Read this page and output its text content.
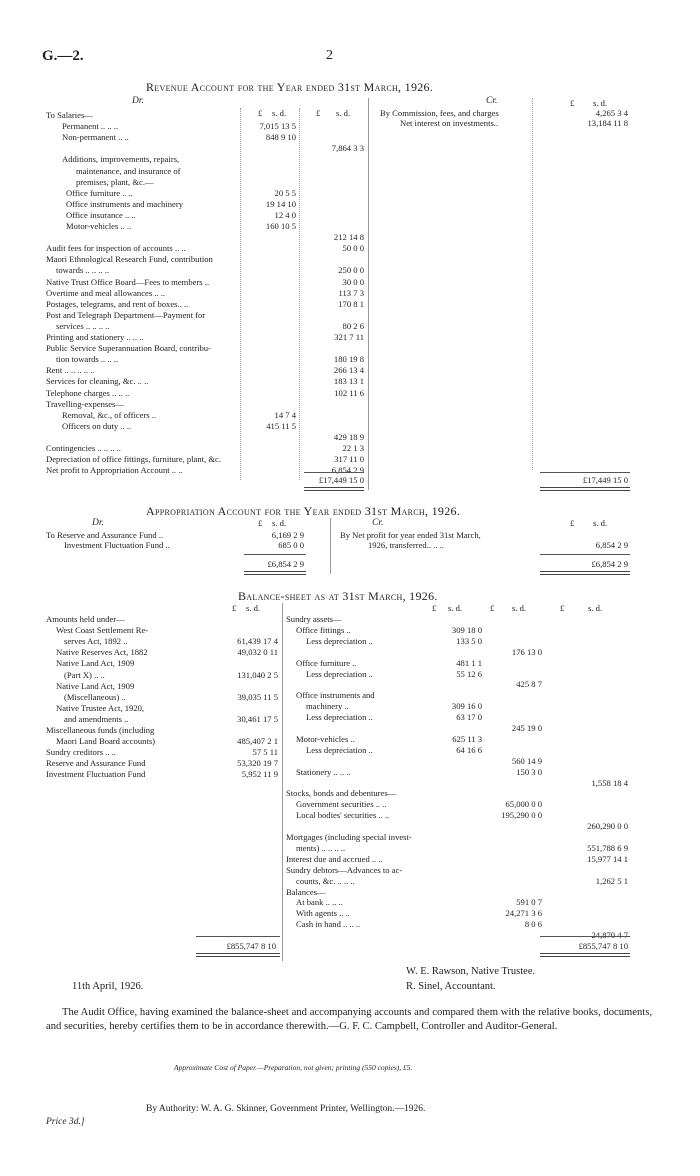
G.—2.	2
Revenue Account for the Year ended 31st March, 1926.
Dr.	Cr.
£ s. d.	£ s. d.
£ s. d.
To Salaries—
Permanent .. .. ..	7,015 13 5
Non-permanent .. ..	848 9 10
7,864 3 3
Additions, improvements, repairs,
maintenance, and insurance of
premises, plant, &c.—
Office furniture .. ..	20 5 5
Office instruments and machinery	19 14 10
Office insurance .. ..	12 4 0
Motor-vehicles .. ..	160 10 5
212 14 8
Audit fees for inspection of accounts .. ..	50 0 0
Maori Ethnological Research Fund, contribution
towards .. .. .. ..	250 0 0
Native Trust Office Board—Fees to members ..	30 0 0
Overtime and meal allowances .. ..	113 7 3
Postages, telegrams, and rent of boxes.. ..	170 8 1
Post and Telegraph Department—Payment for
services .. .. .. ..	80 2 6
Printing and stationery .. .. ..	321 7 11
Public Service Superannuation Board, contribu-
tion towards .. .. ..	180 19 8
Rent .. .. .. .. ..	266 13 4
Services for cleaning, &c. .. ..	183 13 1
Telephone charges .. .. ..	102 11 6
Travelling-expenses—
Removal, &c., of officers ..	14 7 4
Officers on duty .. ..	415 11 5
429 18 9
Contingencies .. .. .. ..	22 1 3
Depreciation of office fittings, furniture, plant, &c.	317 11 0
Net profit to Appropriation Account .. ..	6,854 2 9
By Commission, fees, and charges	4,265 3 4
Net interest on investments..	13,184 11 8
£17,449 15 0	£17,449 15 0
Appropriation Account for the Year ended 31st March, 1926.
Dr.	Cr.
£ s. d.	£ s. d.
To Reserve and Assurance Fund ..	6,169 2 9
Investment Fluctuation Fund ..	685 0 0
By Net profit for year ended 31st March,
1926, transferred.. .. ..	6,854 2 9
£6,854 2 9	£6,854 2 9
Balance-sheet as at 31st March, 1926.
£ s. d.	£ s. d.	£ s. d.	£	s. d.
Amounts held under—
West Coast Settlement Re-
serves Act, 1892 ..	61,439 17 4
Native Reserves Act, 1882	49,032 0 11
Native Land Act, 1909
(Part X) .. ..	131,040 2 5
Native Land Act, 1909
(Miscellaneous) ..	39,035 11 5
Native Trustee Act, 1920,
and amendments ..	30,461 17 5
Miscellaneous funds (including
Maori Land Board accounts)	485,407 2 1
Sundry creditors .. ..	57 5 11
Reserve and Assurance Fund	53,320 19 7
Investment Fluctuation Fund	5,952 11 9
Sundry assets—
Office fittings ..	309 18 0
Less depreciation ..	133 5 0
176 13 0
Office furniture ..	481 1 1
Less depreciation ..	55 12 6
425 8 7
Office instruments and
machinery ..	309 16 0
Less depreciation ..	63 17 0
245 19 0
Motor-vehicles ..	625 11 3
Less depreciation ..	64 16 6
560 14 9
Stationery .. .. ..	150 3 0
1,558 18 4
Stocks, bonds and debentures—
Government securities .. ..	65,000 0 0
Local bodies' securities .. ..	195,290 0 0
260,290 0 0
Mortgages (including special invest-
ments) .. .. .. ..	551,788 6 9
Interest due and accrued .. ..	15,977 14 1
Sundry debtors—Advances to ac-
counts, &c. .. .. ..	1,262 5 1
Balances—
At bank .. .. ..	591 0 7
With agents .. ..	24,271 3 6
Cash in hand .. .. ..	8 0 6
24,870 4 7
£855,747 8 10	£855,747 8 10
11th April, 1926.
W. E. Rawson, Native Trustee.
R. Sinel, Accountant.
The Audit Office, having examined the balance-sheet and accompanying accounts and compared them with the relative books, documents, and securities, hereby certifies them to be in accordance therewith.—G. F. C. Campbell, Controller and Auditor-General.
Approximate Cost of Paper.—Preparation, not given; printing (550 copies), £5.
By Authority: W. A. G. Skinner, Government Printer, Wellington.—1926.
Price 3d.]
